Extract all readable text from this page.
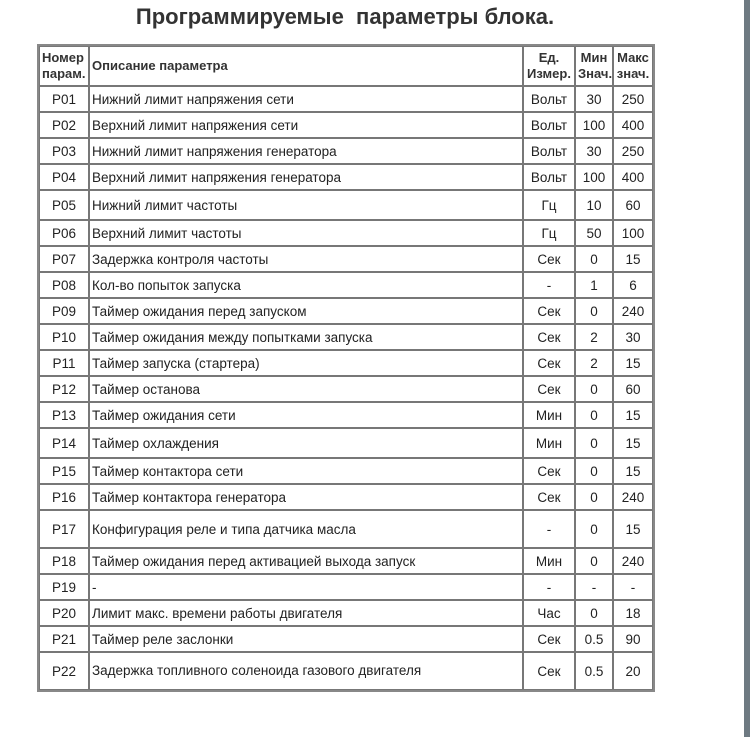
Программируемые  параметры блока.
Номер парам.	Описание параметра	Ед. Измер.	Мин Знач.	Макс знач.
P01	Нижний лимит напряжения сети	Вольт	30	250
P02	Верхний лимит напряжения сети	Вольт	100	400
P03	Нижний лимит напряжения генератора	Вольт	30	250
P04	Верхний лимит напряжения генератора	Вольт	100	400
P05	Нижний лимит частоты	Гц	10	60
P06	Верхний лимит частоты	Гц	50	100
P07	Задержка контроля частоты	Сек	0	15
P08	Кол-во попыток запуска	-	1	6
P09	Таймер ожидания перед запуском	Сек	0	240
P10	Таймер ожидания между попытками запуска	Сек	2	30
P11	Таймер запуска (стартера)	Сек	2	15
P12	Таймер останова	Сек	0	60
P13	Таймер ожидания сети	Мин	0	15
P14	Таймер охлаждения	Мин	0	15
P15	Таймер контактора сети	Сек	0	15
P16	Таймер контактора генератора	Сек	0	240
P17	Конфигурация реле и типа датчика масла	-	0	15
P18	Таймер ожидания перед активацией выхода запуск	Мин	0	240
P19	-	-	-	-
P20	Лимит макс. времени работы двигателя	Час	0	18
P21	Таймер реле заслонки	Сек	0.5	90
P22	Задержка топливного соленоида газового двигателя	Сек	0.5	20
